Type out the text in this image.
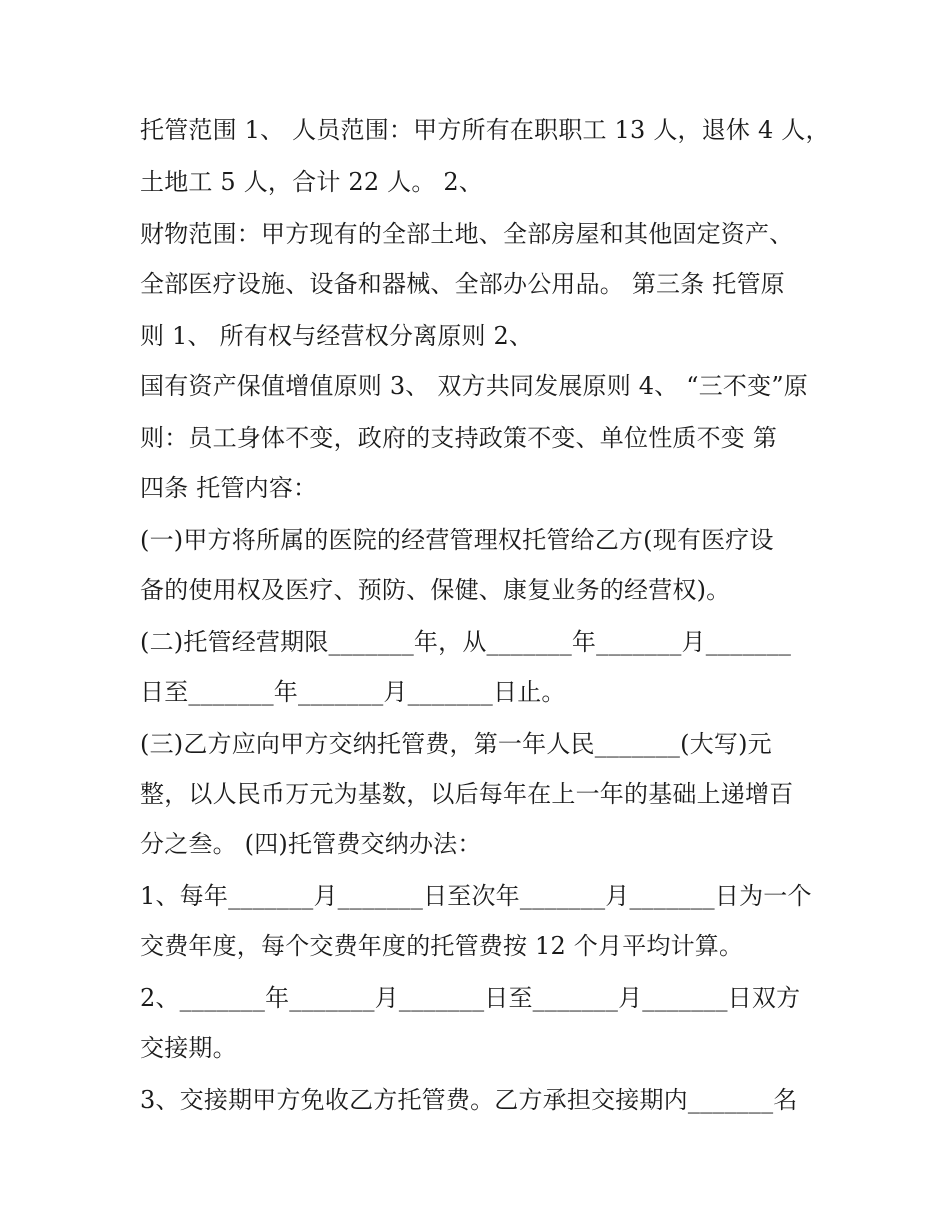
托管范围 1、 人员范围：甲方所有在职职工 13 人，退休 4 人，
土地工 5 人，合计 22 人。 2、
财物范围：甲方现有的全部土地、全部房屋和其他固定资产、
全部医疗设施、设备和器械、全部办公用品。 第三条 托管原
则 1、 所有权与经营权分离原则 2、
国有资产保值增值原则 3、 双方共同发展原则 4、 “三不变”原
则：员工身体不变，政府的支持政策不变、单位性质不变 第
四条 托管内容：
(一)甲方将所属的医院的经营管理权托管给乙方(现有医疗设
备的使用权及医疗、预防、保健、康复业务的经营权)。
(二)托管经营期限_______年，从_______年_______月_______
日至_______年_______月_______日止。
(三)乙方应向甲方交纳托管费，第一年人民_______(大写)元
整，以人民币万元为基数，以后每年在上一年的基础上递增百
分之叁。 (四)托管费交纳办法：
1、每年_______月_______日至次年_______月_______日为一个
交费年度，每个交费年度的托管费按 12 个月平均计算。
2、_______年_______月_______日至_______月_______日双方
交接期。
3、交接期甲方免收乙方托管费。乙方承担交接期内_______名
